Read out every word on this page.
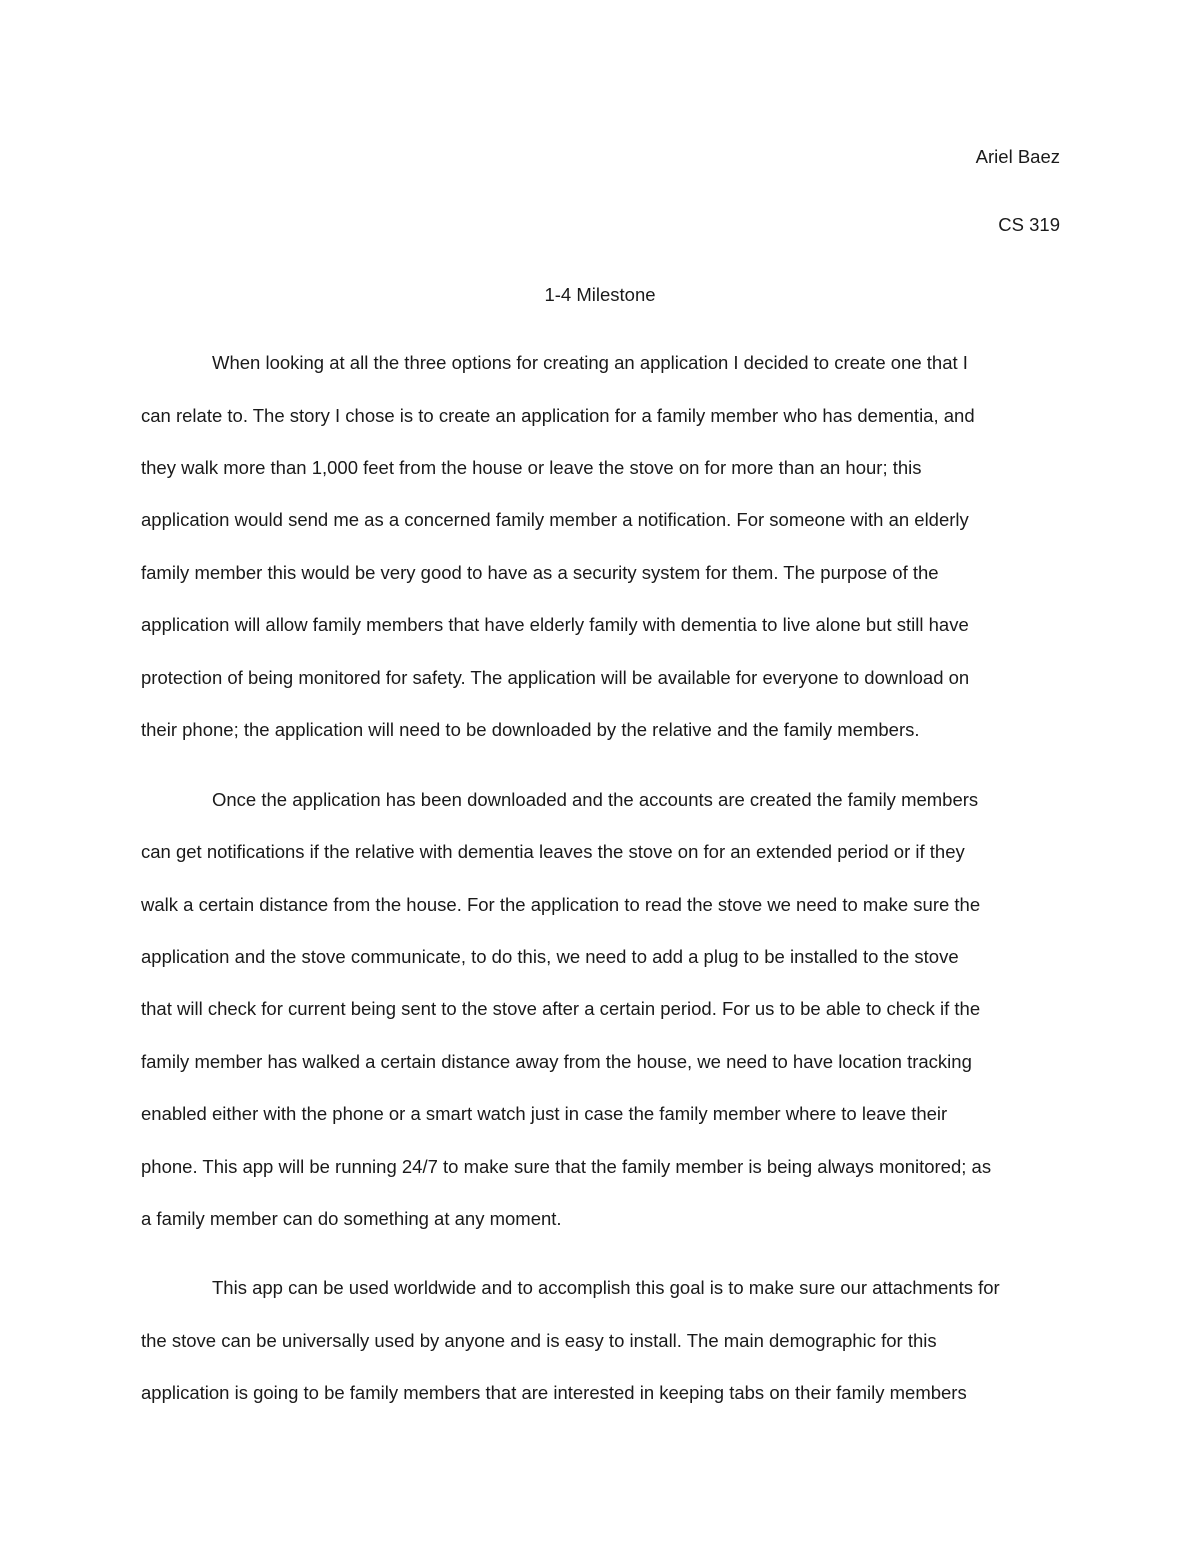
Ariel Baez
CS 319
1-4 Milestone
When looking at all the three options for creating an application I decided to create one that I
can relate to. The story I chose is to create an application for a family member who has dementia, and
they walk more than 1,000 feet from the house or leave the stove on for more than an hour; this
application would send me as a concerned family member a notification. For someone with an elderly
family member this would be very good to have as a security system for them. The purpose of the
application will allow family members that have elderly family with dementia to live alone but still have
protection of being monitored for safety. The application will be available for everyone to download on
their phone; the application will need to be downloaded by the relative and the family members.
Once the application has been downloaded and the accounts are created the family members
can get notifications if the relative with dementia leaves the stove on for an extended period or if they
walk a certain distance from the house. For the application to read the stove we need to make sure the
application and the stove communicate, to do this, we need to add a plug to be installed to the stove
that will check for current being sent to the stove after a certain period. For us to be able to check if the
family member has walked a certain distance away from the house, we need to have location tracking
enabled either with the phone or a smart watch just in case the family member where to leave their
phone. This app will be running 24/7 to make sure that the family member is being always monitored; as
a family member can do something at any moment.
This app can be used worldwide and to accomplish this goal is to make sure our attachments for
the stove can be universally used by anyone and is easy to install. The main demographic for this
application is going to be family members that are interested in keeping tabs on their family members
